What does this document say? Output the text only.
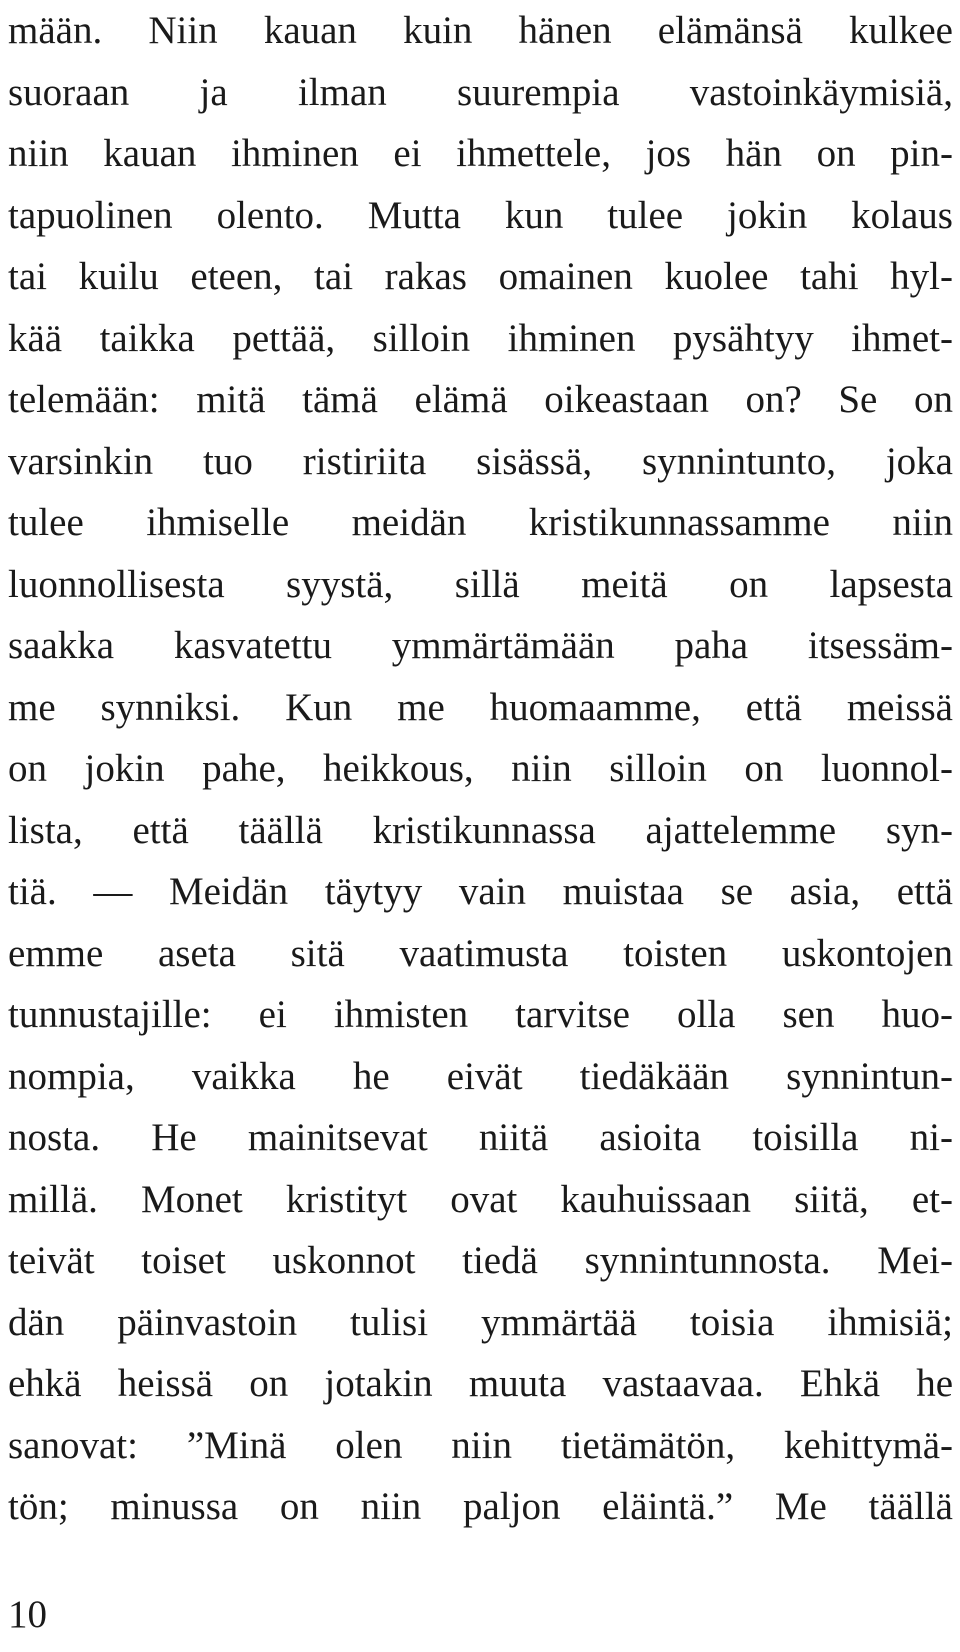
mään. Niin kauan kuin hänen elämänsä kulkee
suoraan ja ilman suurempia vastoinkäymisiä,
niin kauan ihminen ei ihmettele, jos hän on pin-
tapuolinen olento. Mutta kun tulee jokin kolaus
tai kuilu eteen, tai rakas omainen kuolee tahi hyl-
kää taikka pettää, silloin ihminen pysähtyy ihmet-
telemään: mitä tämä elämä oikeastaan on? Se on
varsinkin tuo ristiriita sisässä, synnintunto, joka
tulee ihmiselle meidän kristikunnassamme niin
luonnollisesta syystä, sillä meitä on lapsesta
saakka kasvatettu ymmärtämään paha itsessäm-
me synniksi. Kun me huomaamme, että meissä
on jokin pahe, heikkous, niin silloin on luonnol-
lista, että täällä kristikunnassa ajattelemme syn-
tiä. — Meidän täytyy vain muistaa se asia, että
emme aseta sitä vaatimusta toisten uskontojen
tunnustajille: ei ihmisten tarvitse olla sen huo-
nompia, vaikka he eivät tiedäkään synnintun-
nosta. He mainitsevat niitä asioita toisilla ni-
millä. Monet kristityt ovat kauhuissaan siitä, et-
teivät toiset uskonnot tiedä synnintunnosta. Mei-
dän päinvastoin tulisi ymmärtää toisia ihmisiä;
ehkä heissä on jotakin muuta vastaavaa. Ehkä he
sanovat: ”Minä olen niin tietämätön, kehittymä-
tön; minussa on niin paljon eläintä.” Me täällä
10
